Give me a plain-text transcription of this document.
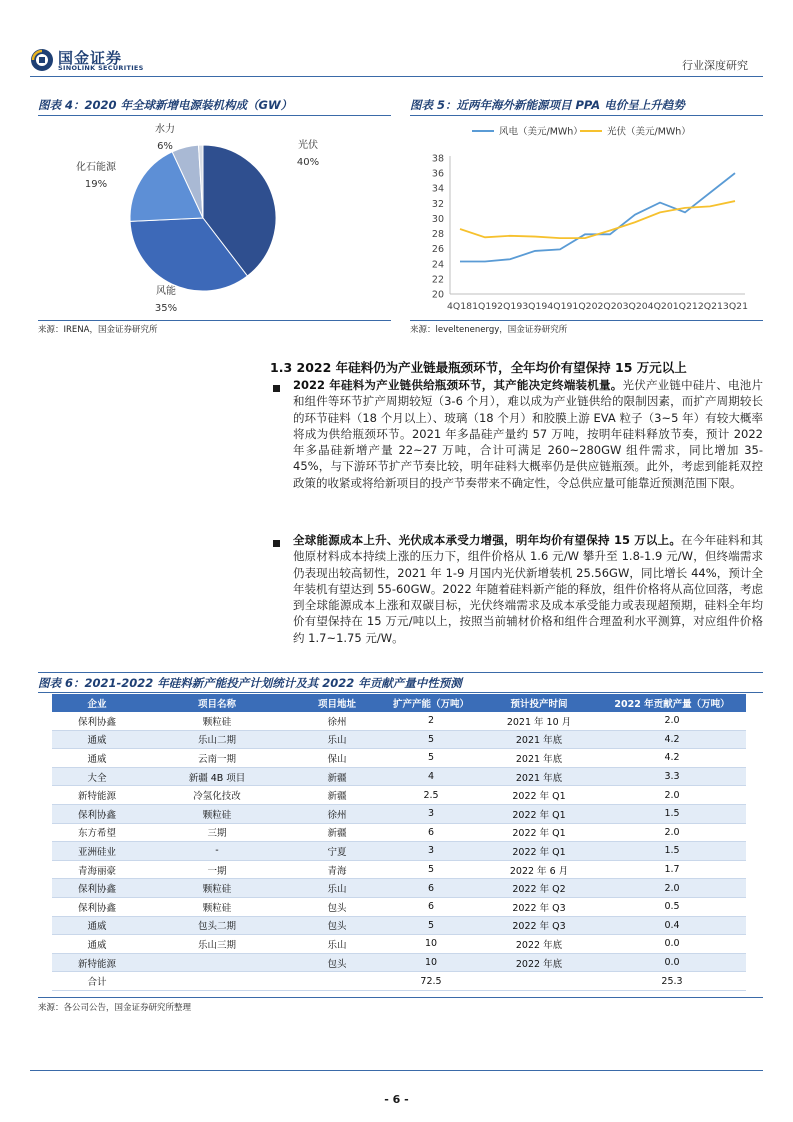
国金证券
SINOLINK SECURITIES	行业深度研究
图表 4：2020 年全球新增电源装机构成（GW）
光伏
40%
风能
35%
化石能源
19%
水力
6%
来源：IRENA，国金证券研究所
图表 5：近两年海外新能源项目 PPA 电价呈上升趋势
20
22
24
26
28
30
32
34
36
38
4Q181Q192Q193Q194Q191Q202Q203Q204Q201Q212Q213Q21
风电（美元/MWh）	光伏（美元/MWh）
来源：leveltenenergy，国金证券研究所
1.3 2022 年硅料仍为产业链最瓶颈环节，全年均价有望保持 15 万元以上
2022 年硅料为产业链供给瓶颈环节，其产能决定终端装机量。光伏产业链中硅片、电池片和组件等环节扩产周期较短（3-6 个月），难以成为产业链供给的限制因素，而扩产周期较长的环节硅料（18 个月以上）、玻璃（18 个月）和胶膜上游 EVA 粒子（3~5 年）有较大概率将成为供给瓶颈环节。2021 年多晶硅产量约 57 万吨，按明年硅料释放节奏，预计 2022 年多晶硅新增产量 22~27 万吨，合计可满足 260~280GW 组件需求，同比增加 35-45%，与下游环节扩产节奏比较，明年硅料大概率仍是供应链瓶颈。此外，考虑到能耗双控政策的收紧或将给新项目的投产节奏带来不确定性，令总供应量可能靠近预测范围下限。
全球能源成本上升、光伏成本承受力增强，明年均价有望保持 15 万以上。在今年硅料和其他原材料成本持续上涨的压力下，组件价格从 1.6 元/W 攀升至 1.8-1.9 元/W，但终端需求仍表现出较高韧性，2021 年 1-9 月国内光伏新增装机 25.56GW，同比增长 44%，预计全年装机有望达到 55-60GW。2022 年随着硅料新产能的释放，组件价格将从高位回落，考虑到全球能源成本上涨和双碳目标，光伏终端需求及成本承受能力或表现超预期，硅料全年均价有望保持在 15 万元/吨以上，按照当前辅材价格和组件合理盈利水平测算，对应组件价格约 1.7~1.75 元/W。
图表 6：2021-2022 年硅料新产能投产计划统计及其 2022 年贡献产量中性预测
企业	项目名称	项目地址	扩产产能（万吨）	预计投产时间	2022 年贡献产量（万吨）
保利协鑫	颗粒硅	徐州	2	2021 年 10 月	2.0
通威	乐山二期	乐山	5	2021 年底	4.2
通威	云南一期	保山	5	2021 年底	4.2
大全	新疆 4B 项目	新疆	4	2021 年底	3.3
新特能源	冷氢化技改	新疆	2.5	2022 年 Q1	2.0
保利协鑫	颗粒硅	徐州	3	2022 年 Q1	1.5
东方希望	三期	新疆	6	2022 年 Q1	2.0
亚洲硅业	-	宁夏	3	2022 年 Q1	1.5
青海丽豪	一期	青海	5	2022 年 6 月	1.7
保利协鑫	颗粒硅	乐山	6	2022 年 Q2	2.0
保利协鑫	颗粒硅	包头	6	2022 年 Q3	0.5
通威	包头二期	包头	5	2022 年 Q3	0.4
通威	乐山三期	乐山	10	2022 年底	0.0
新特能源		包头	10	2022 年底	0.0
合计			72.5		25.3
来源：各公司公告，国金证券研究所整理
- 6 -
